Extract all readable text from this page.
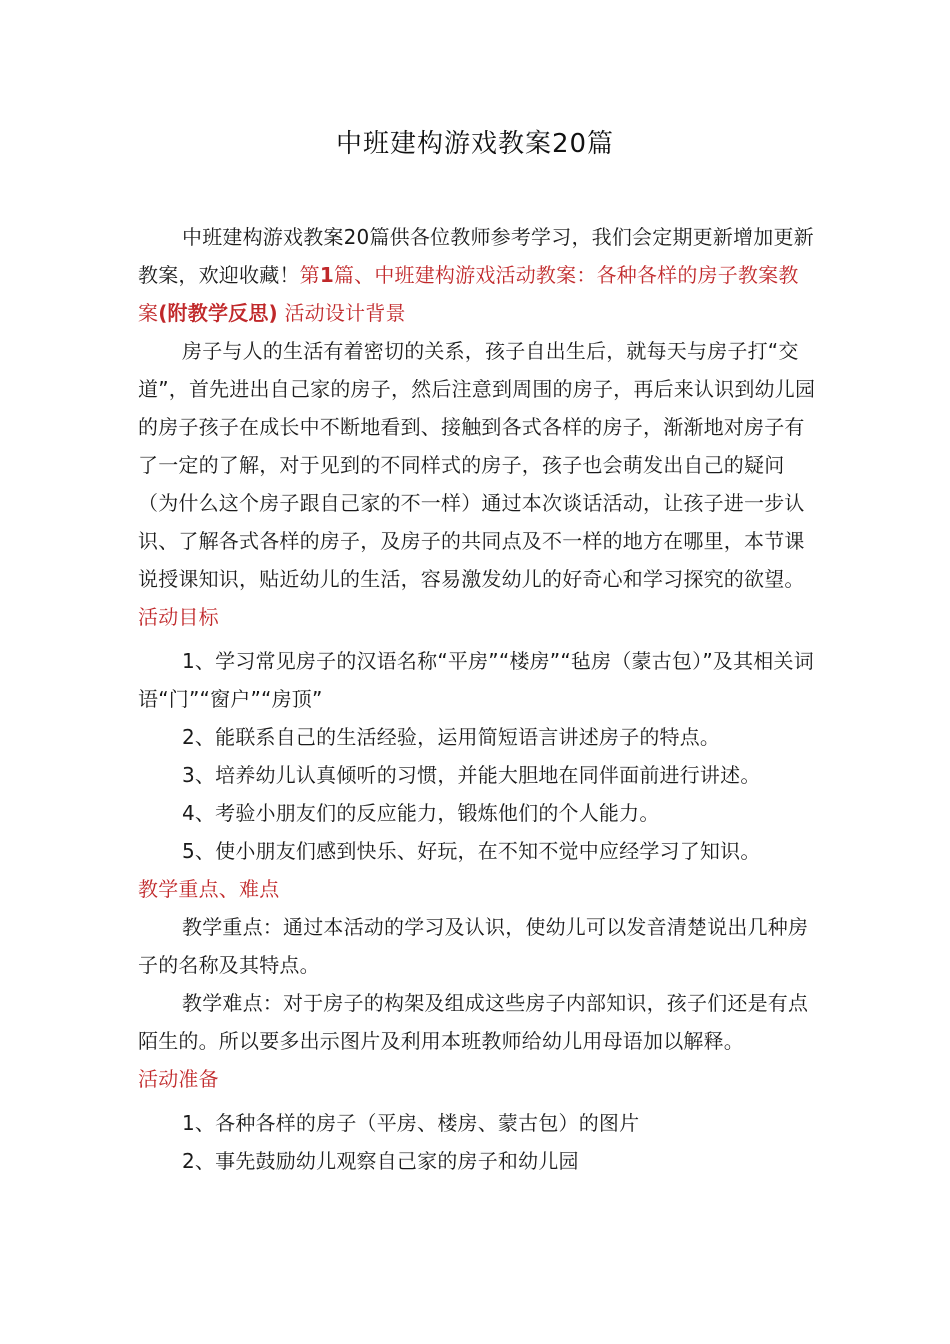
中班建构游戏教案20篇

中班建构游戏教案20篇供各位教师参考学习，我们会定期更新增加更新教案，欢迎收藏！第1篇、中班建构游戏活动教案：各种各样的房子教案教案(附教学反思) 活动设计背景

房子与人的生活有着密切的关系，孩子自出生后，就每天与房子打“交道”，首先进出自己家的房子，然后注意到周围的房子，再后来认识到幼儿园的房子孩子在成长中不断地看到、接触到各式各样的房子，渐渐地对房子有了一定的了解，对于见到的不同样式的房子，孩子也会萌发出自己的疑问（为什么这个房子跟自己家的不一样）通过本次谈话活动，让孩子进一步认识、了解各式各样的房子，及房子的共同点及不一样的地方在哪里，本节课说授课知识，贴近幼儿的生活，容易激发幼儿的好奇心和学习探究的欲望。

活动目标

1、学习常见房子的汉语名称“平房”“楼房”“毡房（蒙古包）”及其相关词语“门”“窗户”“房顶”

2、能联系自己的生活经验，运用简短语言讲述房子的特点。

3、培养幼儿认真倾听的习惯，并能大胆地在同伴面前进行讲述。

4、考验小朋友们的反应能力，锻炼他们的个人能力。

5、使小朋友们感到快乐、好玩，在不知不觉中应经学习了知识。

教学重点、难点

教学重点：通过本活动的学习及认识，使幼儿可以发音清楚说出几种房子的名称及其特点。

教学难点：对于房子的构架及组成这些房子内部知识，孩子们还是有点陌生的。所以要多出示图片及利用本班教师给幼儿用母语加以解释。

活动准备

1、各种各样的房子（平房、楼房、蒙古包）的图片

2、事先鼓励幼儿观察自己家的房子和幼儿园
